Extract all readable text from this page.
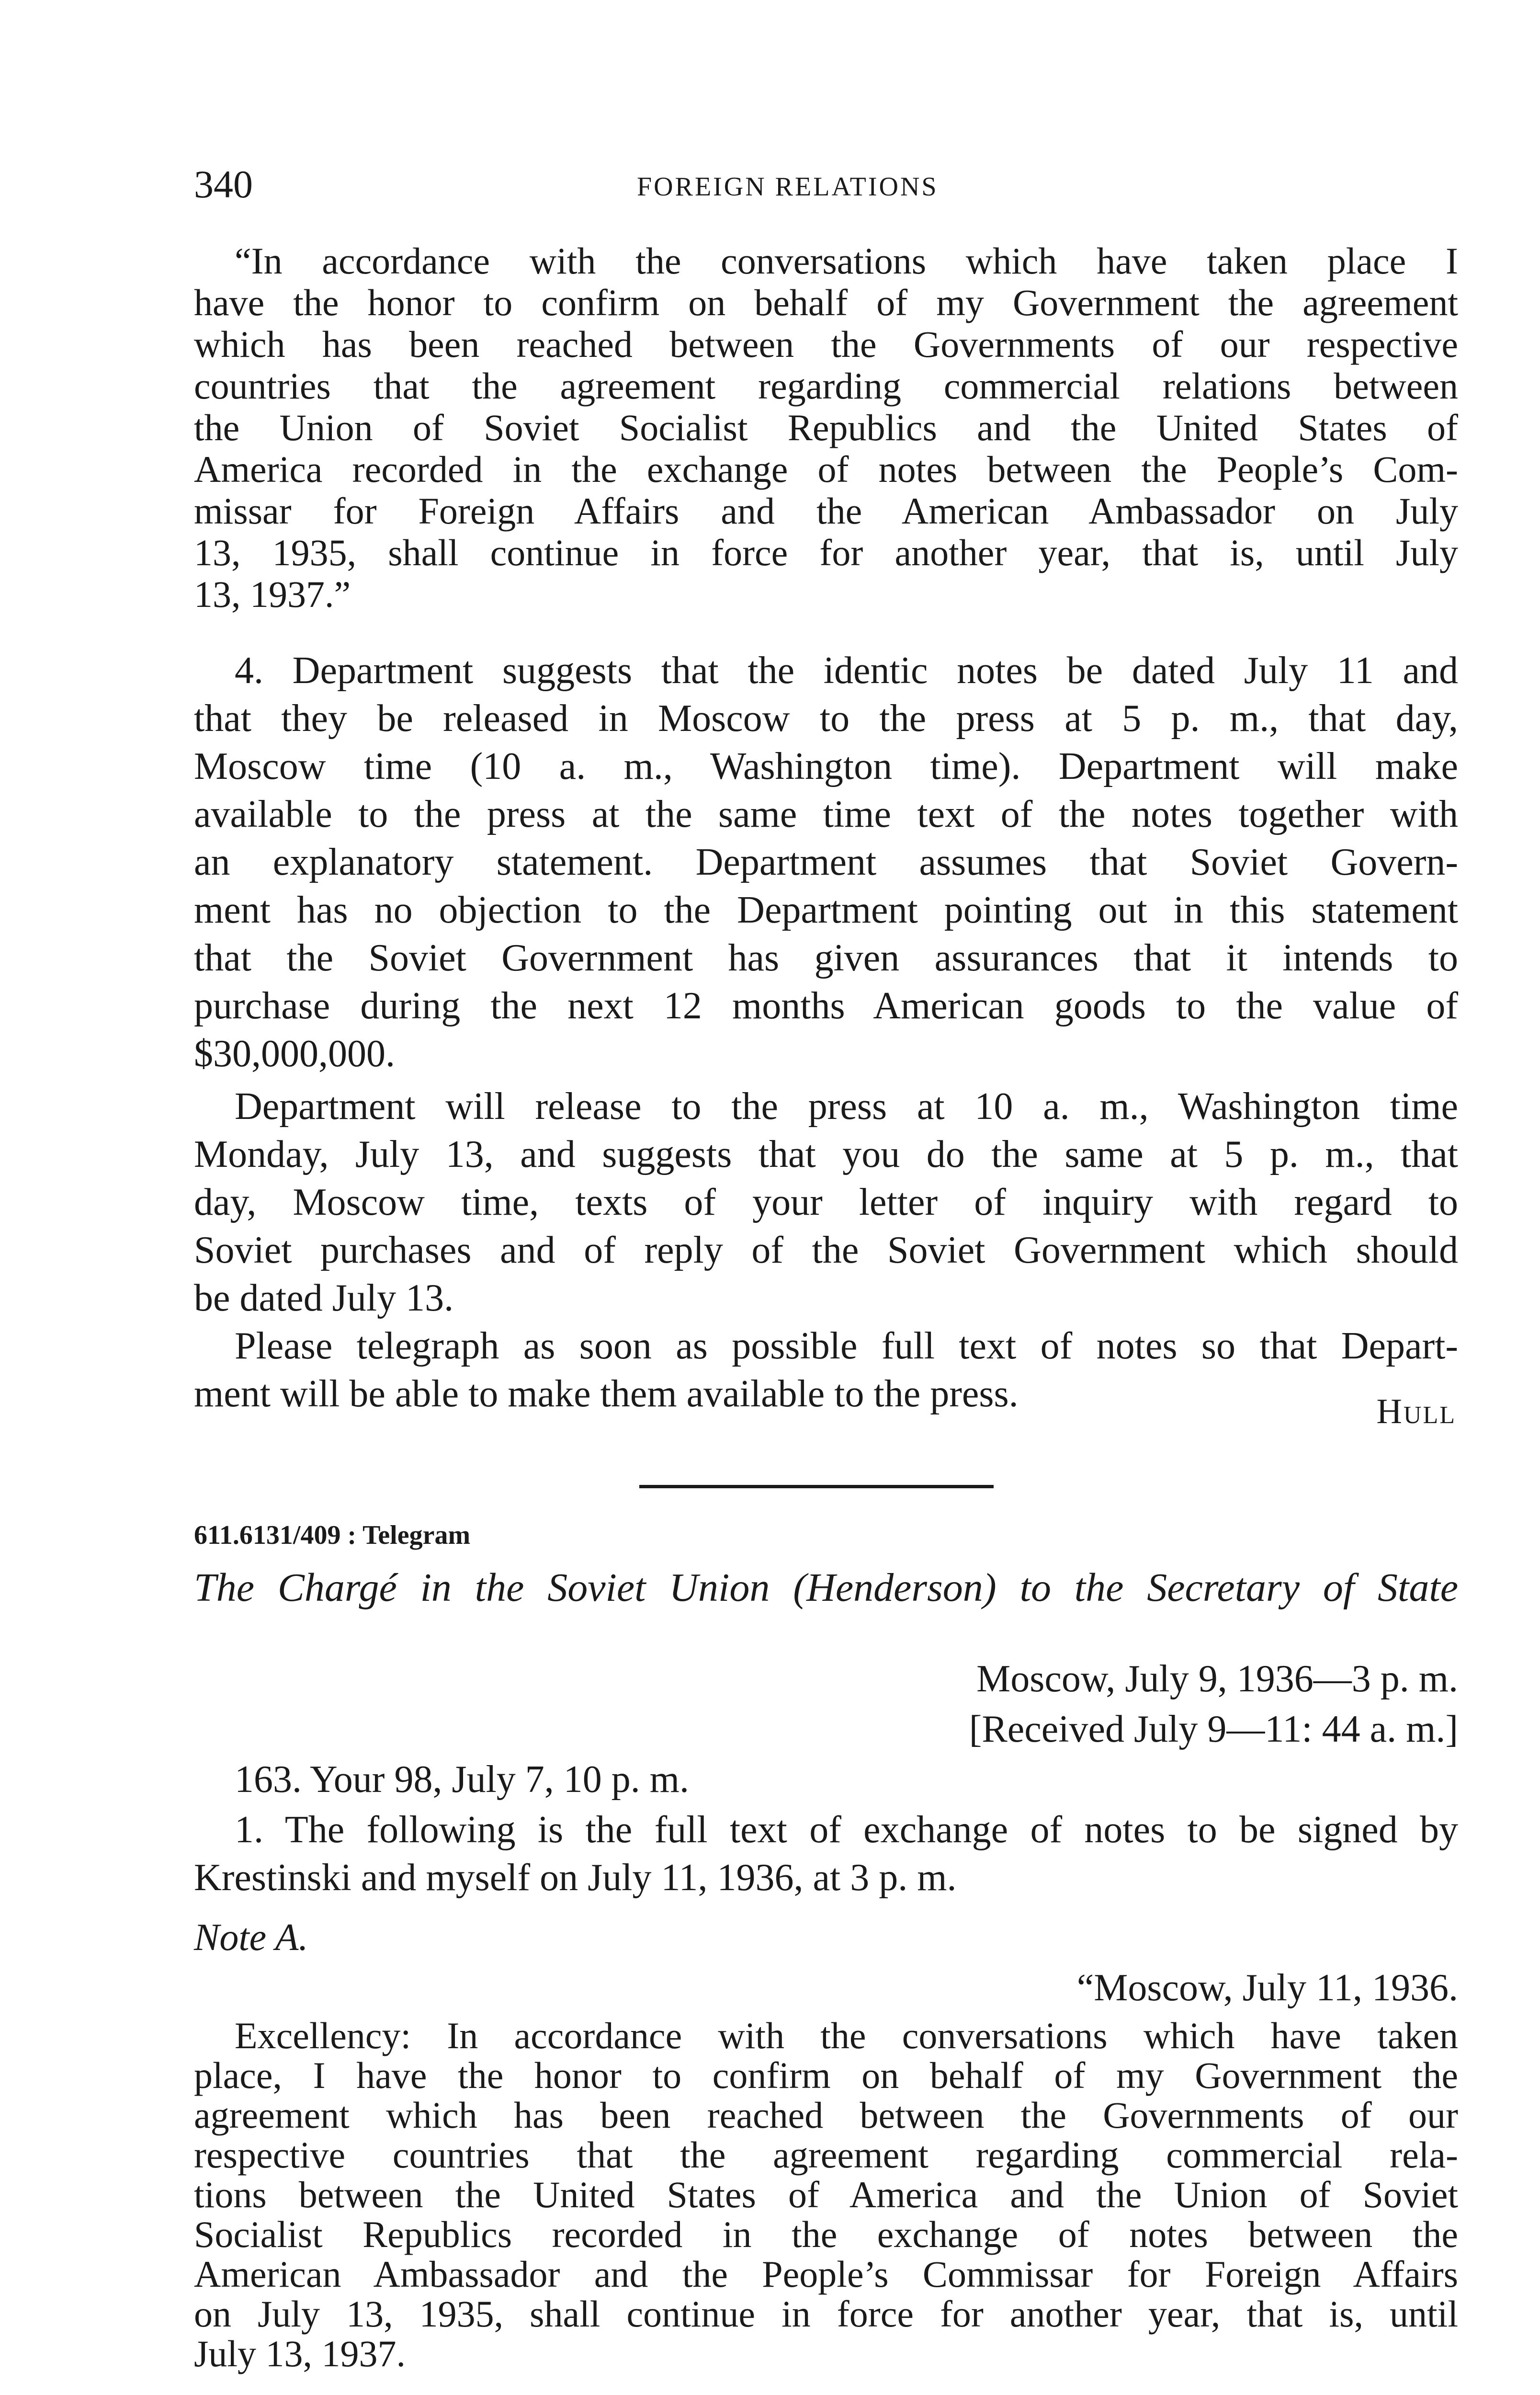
340	FOREIGN RELATIONS
“In accordance with the conversations which have taken place I
have the honor to confirm on behalf of my Government the agreement
which has been reached between the Governments of our respective
countries that the agreement regarding commercial relations between
the Union of Soviet Socialist Republics and the United States of
America recorded in the exchange of notes between the People’s Com-
missar for Foreign Affairs and the American Ambassador on July
13, 1935, shall continue in force for another year, that is, until July
13, 1937.”
4. Department suggests that the identic notes be dated July 11 and
that they be released in Moscow to the press at 5 p. m., that day,
Moscow time (10 a. m., Washington time). Department will make
available to the press at the same time text of the notes together with
an explanatory statement. Department assumes that Soviet Govern-
ment has no objection to the Department pointing out in this statement
that the Soviet Government has given assurances that it intends to
purchase during the next 12 months American goods to the value of
$30,000,000.
Department will release to the press at 10 a. m., Washington time
Monday, July 13, and suggests that you do the same at 5 p. m., that
day, Moscow time, texts of your letter of inquiry with regard to
Soviet purchases and of reply of the Soviet Government which should
be dated July 13.
Please telegraph as soon as possible full text of notes so that Depart-
ment will be able to make them available to the press.	Hull
611.6131/409 : Telegram
The Chargé in the Soviet Union (Henderson) to the Secretary of State
Moscow, July 9, 1936—3 p. m.
[Received July 9—11: 44 a. m.]
163. Your 98, July 7, 10 p. m.
1. The following is the full text of exchange of notes to be signed by
Krestinski and myself on July 11, 1936, at 3 p. m.
Note A.
“Moscow, July 11, 1936.
Excellency: In accordance with the conversations which have taken
place, I have the honor to confirm on behalf of my Government the
agreement which has been reached between the Governments of our
respective countries that the agreement regarding commercial rela-
tions between the United States of America and the Union of Soviet
Socialist Republics recorded in the exchange of notes between the
American Ambassador and the People’s Commissar for Foreign Affairs
on July 13, 1935, shall continue in force for another year, that is, until
July 13, 1937.
